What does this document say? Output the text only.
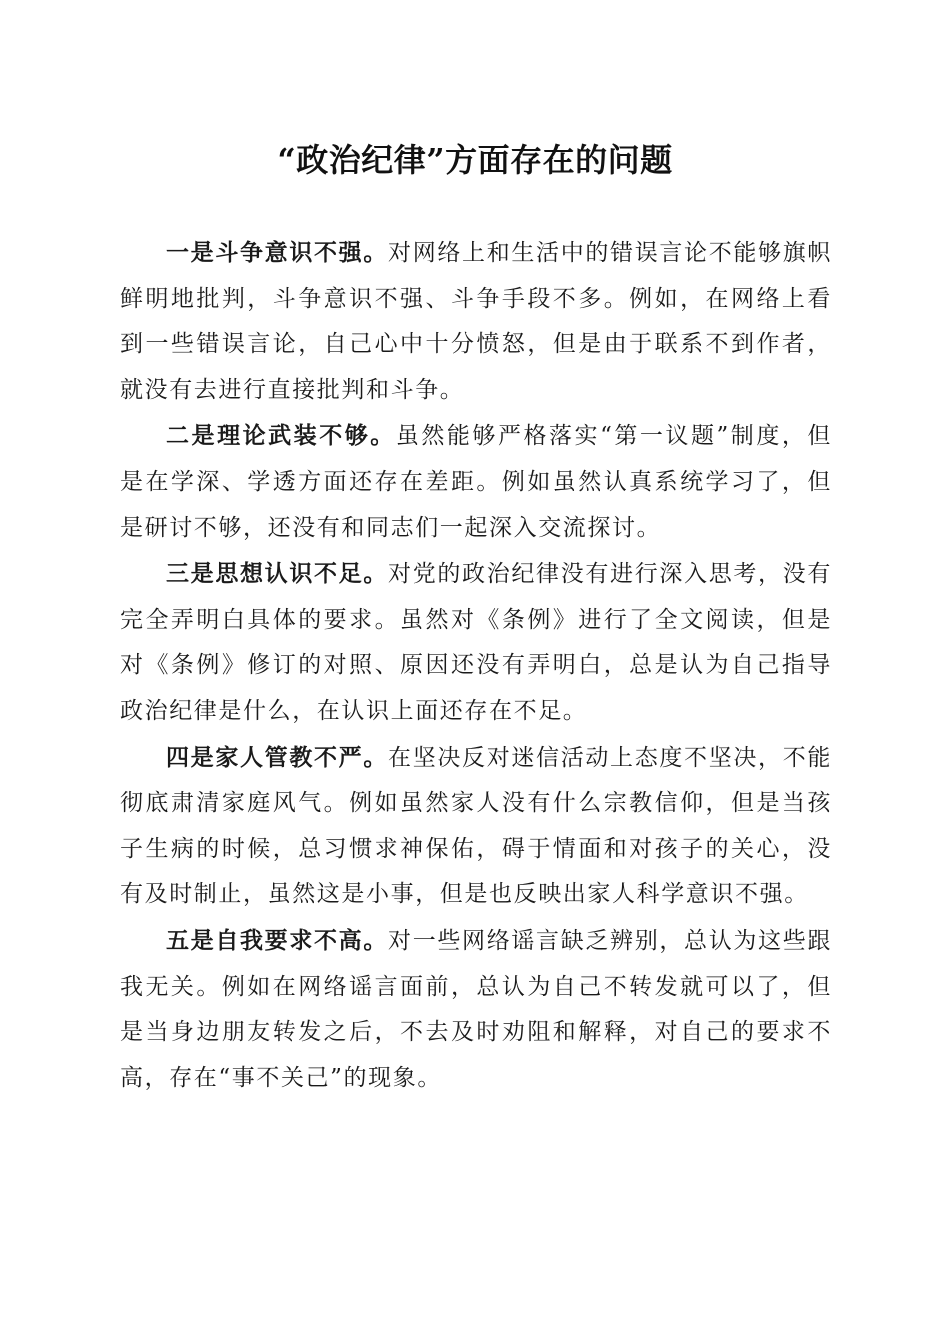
“政治纪律”方面存在的问题

一是斗争意识不强。对网络上和生活中的错误言论不能够旗帜鲜明地批判，斗争意识不强、斗争手段不多。例如，在网络上看到一些错误言论，自己心中十分愤怒，但是由于联系不到作者，就没有去进行直接批判和斗争。

二是理论武装不够。虽然能够严格落实“第一议题”制度，但是在学深、学透方面还存在差距。例如虽然认真系统学习了，但是研讨不够，还没有和同志们一起深入交流探讨。

三是思想认识不足。对党的政治纪律没有进行深入思考，没有完全弄明白具体的要求。虽然对《条例》进行了全文阅读，但是对《条例》修订的对照、原因还没有弄明白，总是认为自己指导政治纪律是什么，在认识上面还存在不足。

四是家人管教不严。在坚决反对迷信活动上态度不坚决，不能彻底肃清家庭风气。例如虽然家人没有什么宗教信仰，但是当孩子生病的时候，总习惯求神保佑，碍于情面和对孩子的关心，没有及时制止，虽然这是小事，但是也反映出家人科学意识不强。

五是自我要求不高。对一些网络谣言缺乏辨别，总认为这些跟我无关。例如在网络谣言面前，总认为自己不转发就可以了，但是当身边朋友转发之后，不去及时劝阻和解释，对自己的要求不高，存在“事不关己”的现象。
